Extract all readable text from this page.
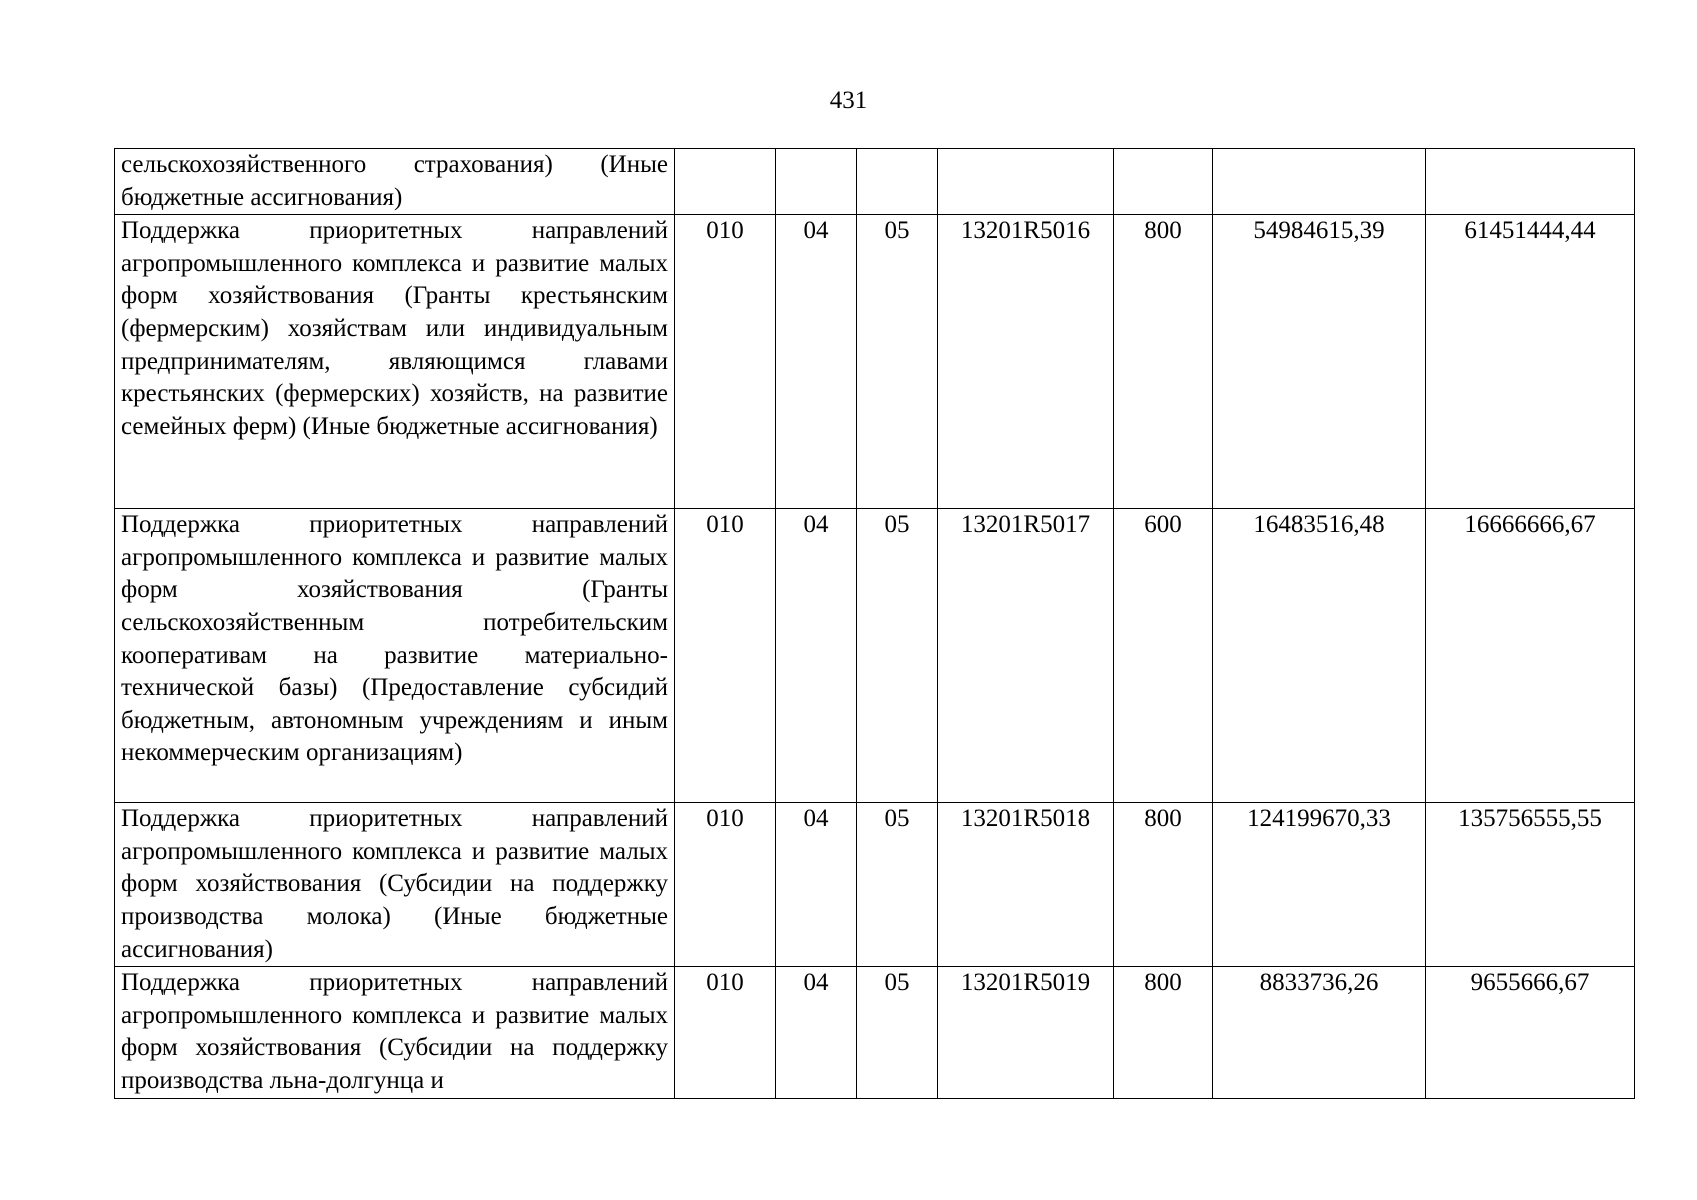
431
сельскохозяйственного страхования) (Иные бюджетные ассигнования)							
Поддержка приоритетных направлений агропромышленного комплекса и развитие малых форм хозяйствования (Гранты крестьянским (фермерским) хозяйствам или индивидуальным предпринимателям, являющимся главами крестьянских (фермерских) хозяйств, на развитие семейных ферм) (Иные бюджетные ассигнования)	010	04	05	13201R5016	800	54984615,39	61451444,44
Поддержка приоритетных направлений агропромышленного комплекса и развитие малых форм хозяйствования (Гранты сельскохозяйственным потребительским кооперативам на развитие материально-технической базы) (Предоставление субсидий бюджетным, автономным учреждениям и иным некоммерческим организациям)	010	04	05	13201R5017	600	16483516,48	16666666,67
Поддержка приоритетных направлений агропромышленного комплекса и развитие малых форм хозяйствования (Субсидии на поддержку производства молока) (Иные бюджетные ассигнования)	010	04	05	13201R5018	800	124199670,33	135756555,55
Поддержка приоритетных направлений агропромышленного комплекса и развитие малых форм хозяйствования (Субсидии на поддержку производства льна-долгунца и	010	04	05	13201R5019	800	8833736,26	9655666,67
